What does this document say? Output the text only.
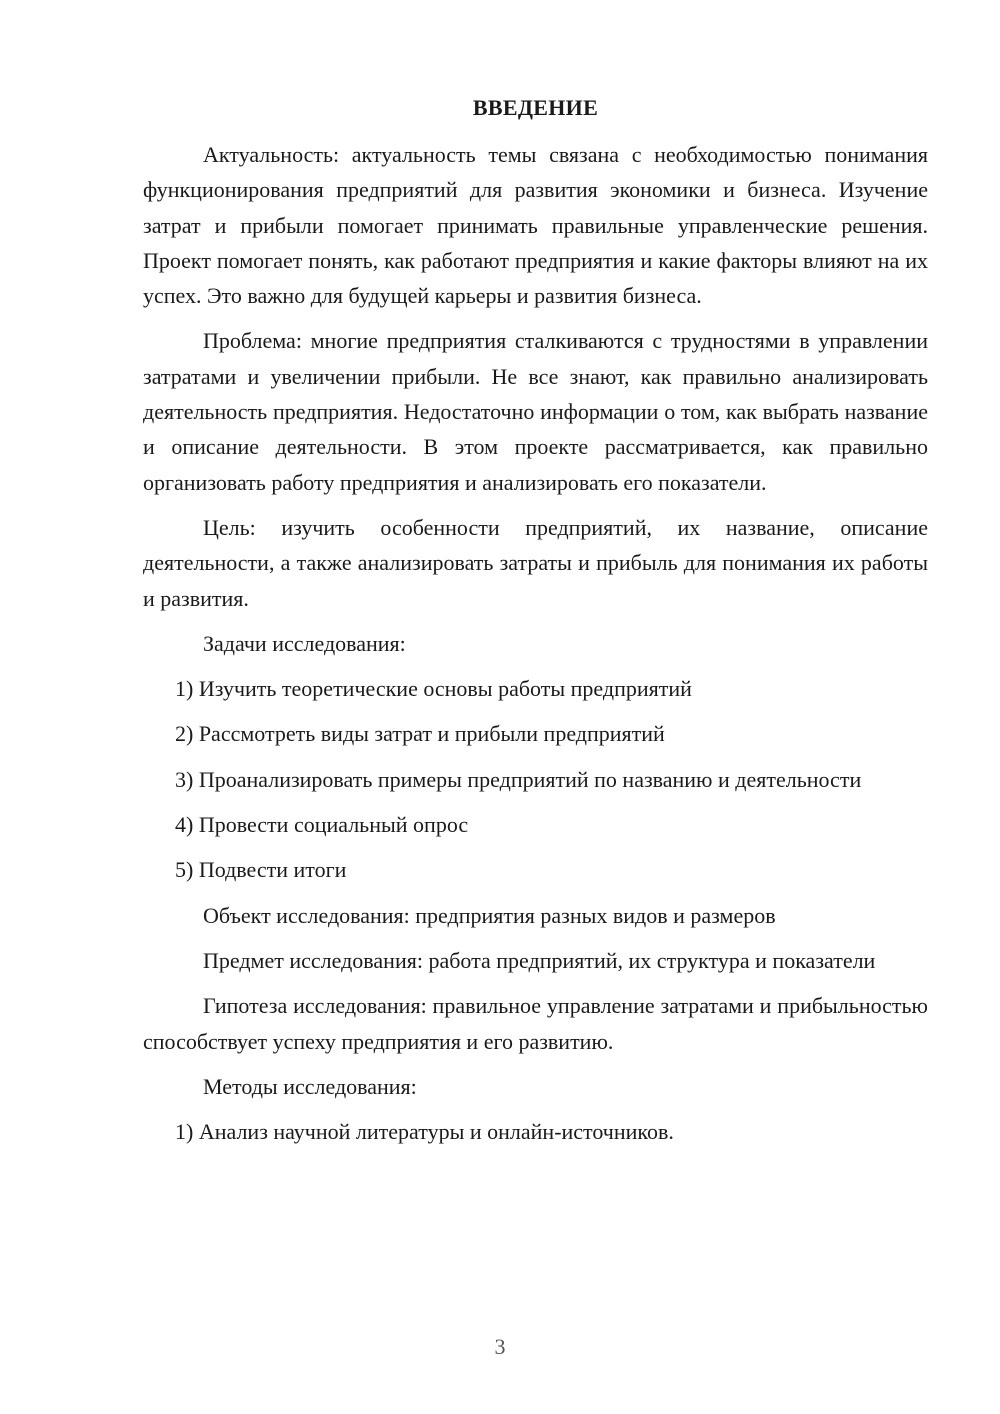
ВВЕДЕНИЕ

Актуальность: актуальность темы связана с необходимостью понимания функционирования предприятий для развития экономики и бизнеса. Изучение затрат и прибыли помогает принимать правильные управленческие решения. Проект помогает понять, как работают предприятия и какие факторы влияют на их успех. Это важно для будущей карьеры и развития бизнеса.

Проблема: многие предприятия сталкиваются с трудностями в управлении затратами и увеличении прибыли. Не все знают, как правильно анализировать деятельность предприятия. Недостаточно информации о том, как выбрать название и описание деятельности. В этом проекте рассматривается, как правильно организовать работу предприятия и анализировать его показатели.

Цель: изучить особенности предприятий, их название, описание деятельности, а также анализировать затраты и прибыль для понимания их работы и развития.

Задачи исследования:

1) Изучить теоретические основы работы предприятий

2) Рассмотреть виды затрат и прибыли предприятий

3) Проанализировать примеры предприятий по названию и деятельности

4) Провести социальный опрос

5) Подвести итоги

Объект исследования: предприятия разных видов и размеров

Предмет исследования: работа предприятий, их структура и показатели

Гипотеза исследования: правильное управление затратами и прибыльностью способствует успеху предприятия и его развитию.

Методы исследования:

1) Анализ научной литературы и онлайн-источников.

3
